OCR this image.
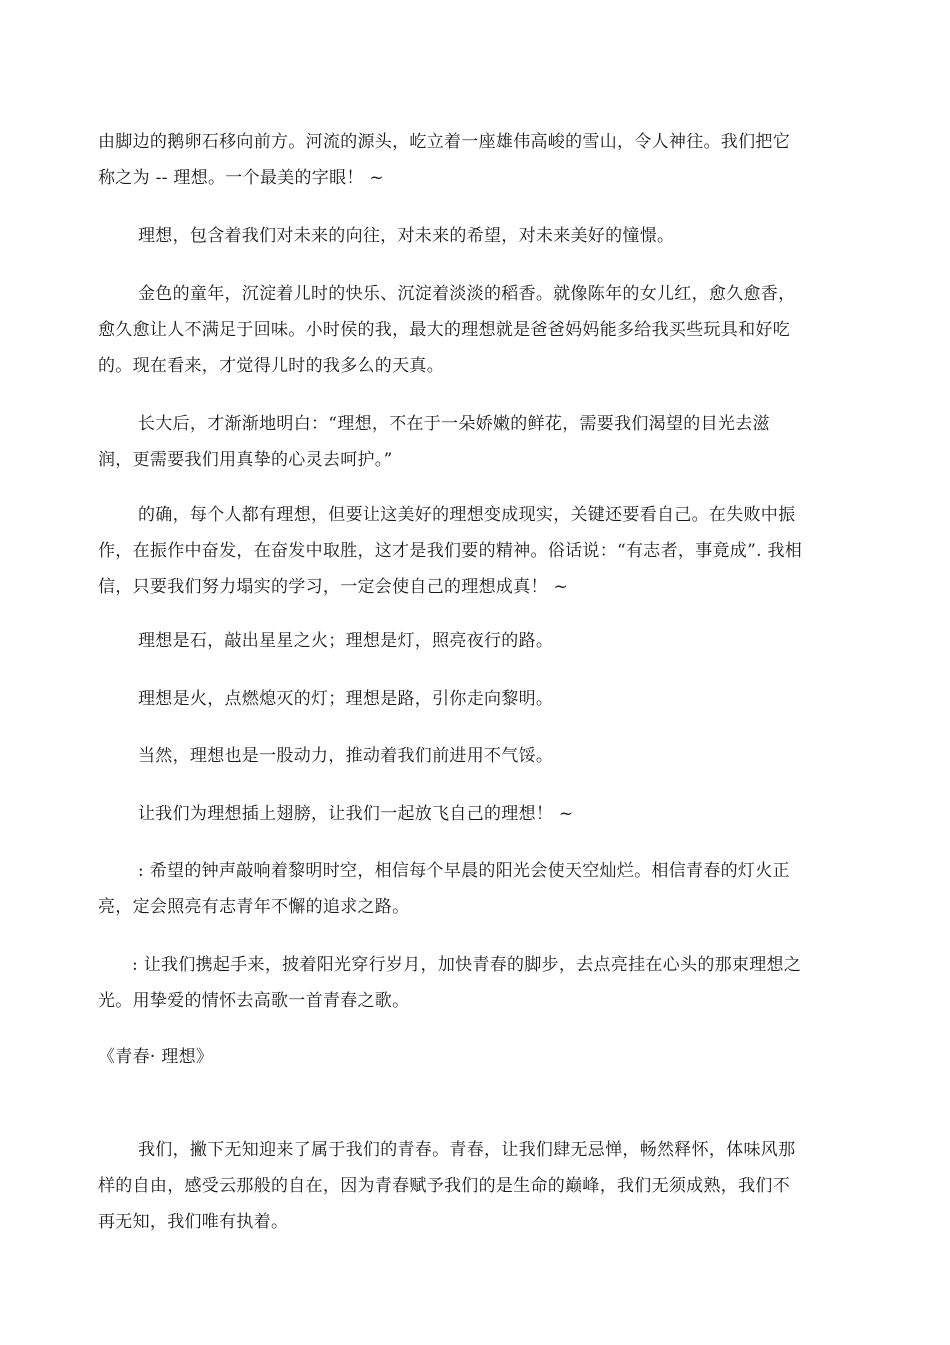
由脚边的鹅卵石移向前方。河流的源头，屹立着一座雄伟高峻的雪山，令人神往。我们把它称之为 -- 理想。一个最美的字眼！ ~

理想，包含着我们对未来的向往，对未来的希望，对未来美好的憧憬。

金色的童年，沉淀着儿时的快乐、沉淀着淡淡的稻香。就像陈年的女儿红，愈久愈香，愈久愈让人不满足于回味。小时侯的我，最大的理想就是爸爸妈妈能多给我买些玩具和好吃的。现在看来，才觉得儿时的我多么的天真。

长大后，才渐渐地明白：“理想，不在于一朵娇嫩的鲜花，需要我们渴望的目光去滋润，更需要我们用真挚的心灵去呵护。”

的确，每个人都有理想，但要让这美好的理想变成现实，关键还要看自己。在失败中振作，在振作中奋发，在奋发中取胜，这才是我们要的精神。俗话说：“有志者，事竟成”. 我相信，只要我们努力塌实的学习，一定会使自己的理想成真！ ~

理想是石，敲出星星之火；理想是灯，照亮夜行的路。

理想是火，点燃熄灭的灯；理想是路，引你走向黎明。

当然，理想也是一股动力，推动着我们前进用不气馁。

让我们为理想插上翅膀，让我们一起放飞自己的理想！ ~

: 希望的钟声敲响着黎明时空，相信每个早晨的阳光会使天空灿烂。相信青春的灯火正亮，定会照亮有志青年不懈的追求之路。

: 让我们携起手来，披着阳光穿行岁月，加快青春的脚步，去点亮挂在心头的那束理想之光。用挚爱的情怀去高歌一首青春之歌。

《青春· 理想》

我们，撇下无知迎来了属于我们的青春。青春，让我们肆无忌惮，畅然释怀，体味风那样的自由，感受云那般的自在，因为青春赋予我们的是生命的巅峰，我们无须成熟，我们不再无知，我们唯有执着。
